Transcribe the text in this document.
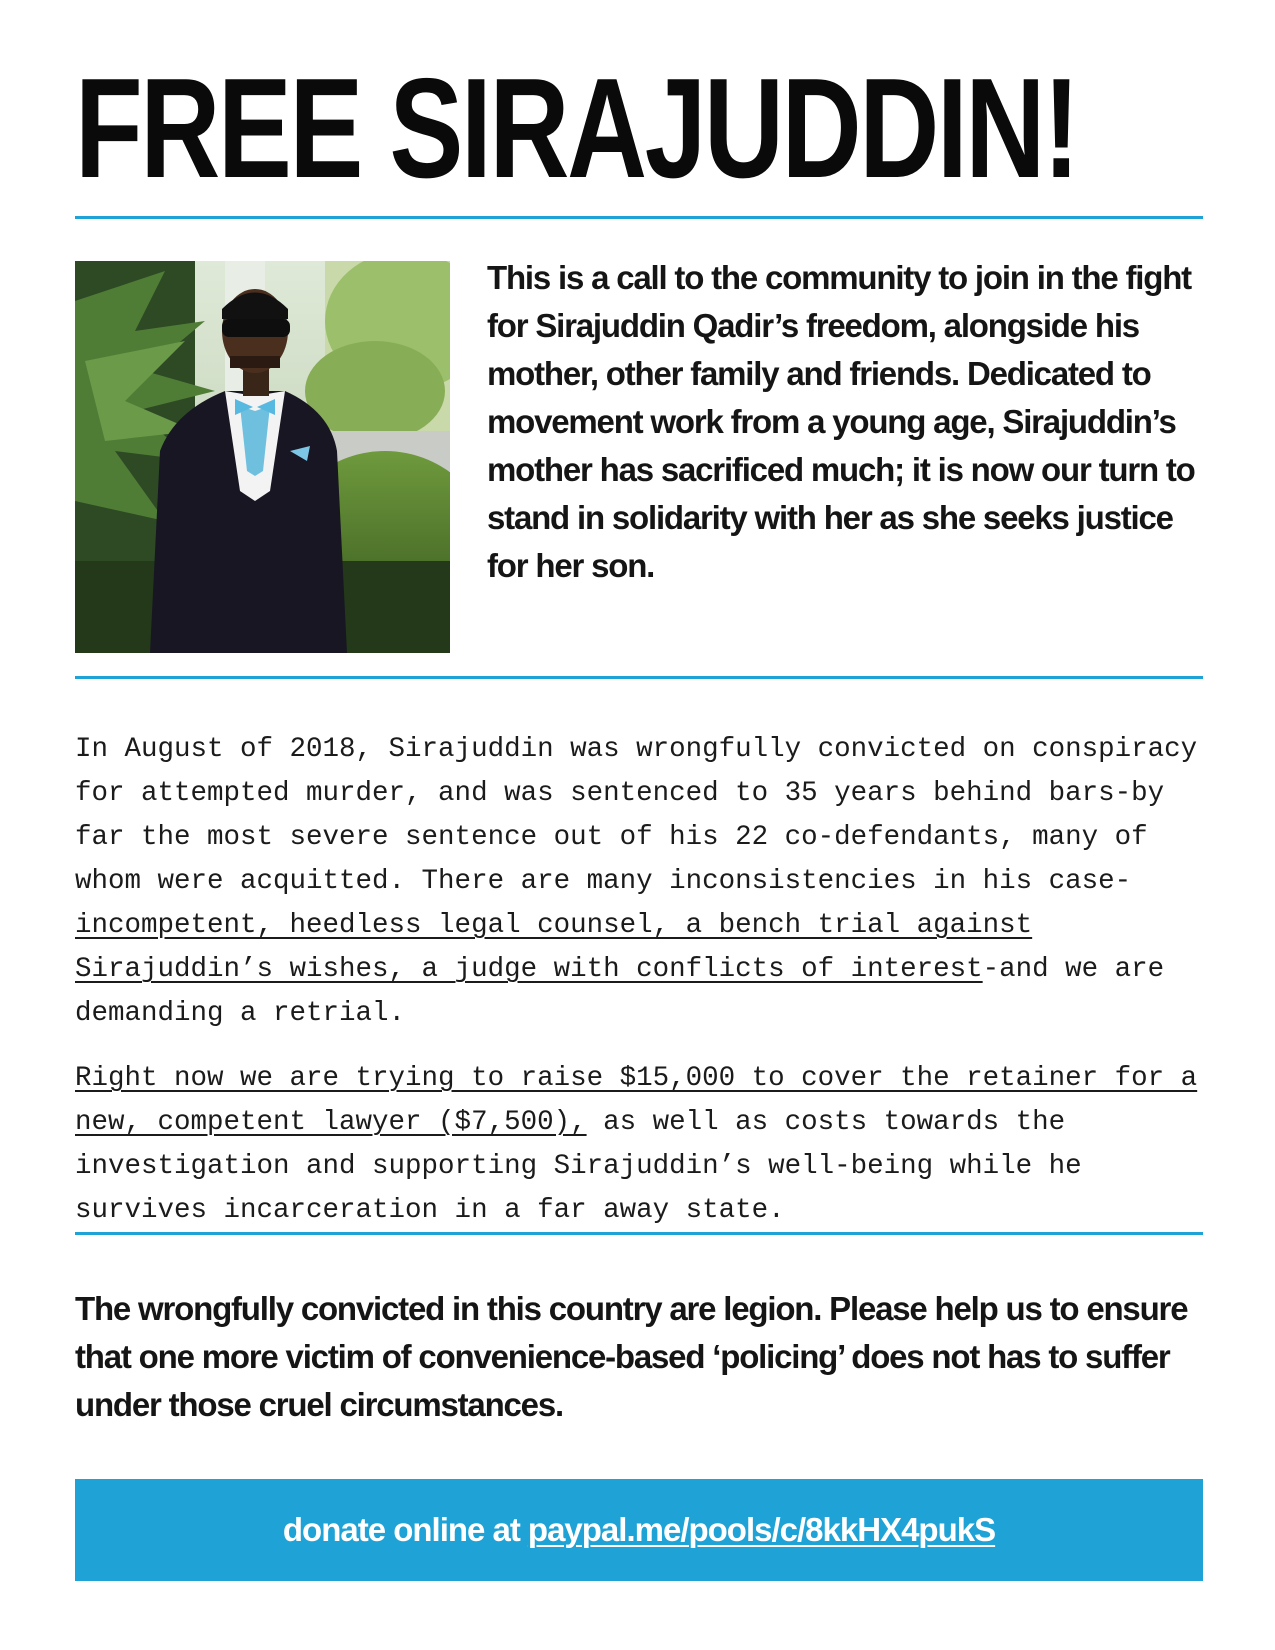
FREE SIRAJUDDIN!

This is a call to the community to join in the fight for Sirajuddin Qadir’s freedom, alongside his mother, other family and friends. Dedicated to movement work from a young age, Sirajuddin’s mother has sacrificed much; it is now our turn to stand in solidarity with her as she seeks justice for her son.

In August of 2018, Sirajuddin was wrongfully convicted on conspiracy for attempted murder, and was sentenced to 35 years behind bars-by far the most severe sentence out of his 22 co-defendants, many of whom were acquitted. There are many inconsistencies in his case-incompetent, heedless legal counsel, a bench trial against Sirajuddin’s wishes, a judge with conflicts of interest-and we are demanding a retrial.

Right now we are trying to raise $15,000 to cover the retainer for a new, competent lawyer ($7,500), as well as costs towards the investigation and supporting Sirajuddin’s well-being while he survives incarceration in a far away state.

The wrongfully convicted in this country are legion. Please help us to ensure that one more victim of convenience-based ‘policing’ does not has to suffer under those cruel circumstances.

donate online at paypal.me/pools/c/8kkHX4pukS
